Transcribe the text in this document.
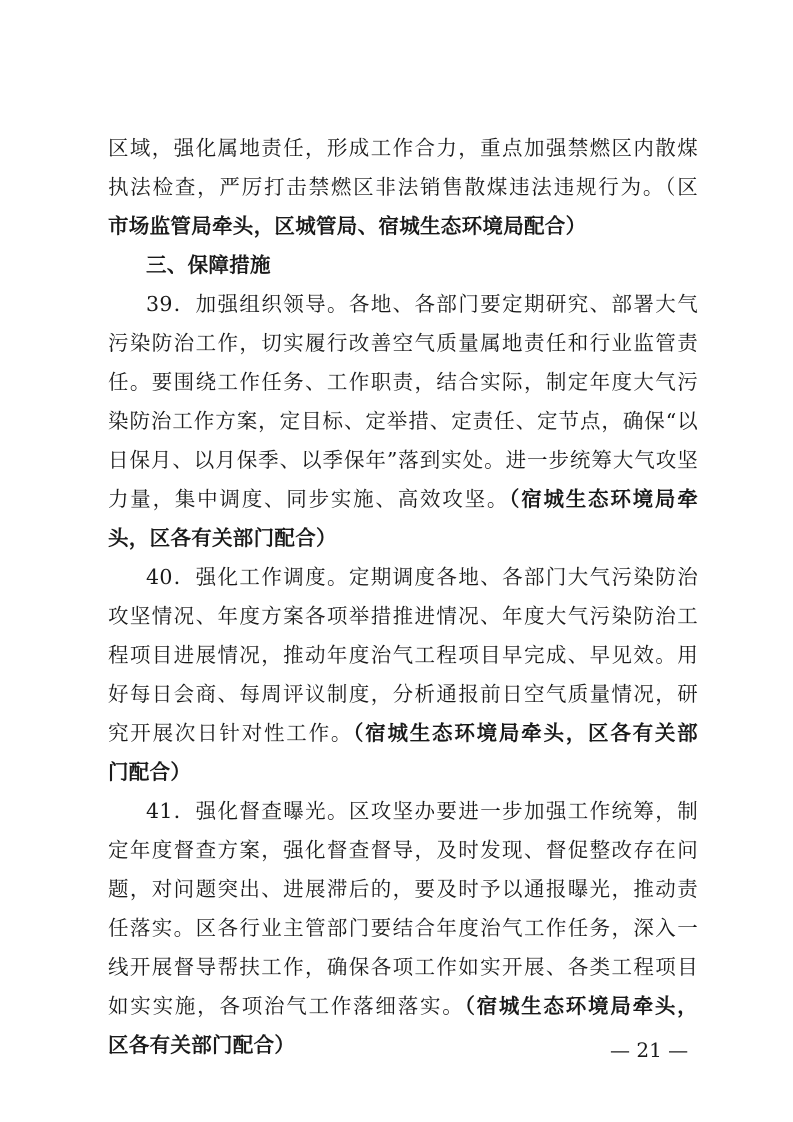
区域，强化属地责任，形成工作合力，重点加强禁燃区内散煤
执法检查，严厉打击禁燃区非法销售散煤违法违规行为。（区
市场监管局牵头，区城管局、宿城生态环境局配合）
三、保障措施
39．加强组织领导。各地、各部门要定期研究、部署大气
污染防治工作，切实履行改善空气质量属地责任和行业监管责
任。要围绕工作任务、工作职责，结合实际，制定年度大气污
染防治工作方案，定目标、定举措、定责任、定节点，确保“以
日保月、以月保季、以季保年”落到实处。进一步统筹大气攻坚
力量，集中调度、同步实施、高效攻坚。（宿城生态环境局牵
头，区各有关部门配合）
40．强化工作调度。定期调度各地、各部门大气污染防治
攻坚情况、年度方案各项举措推进情况、年度大气污染防治工
程项目进展情况，推动年度治气工程项目早完成、早见效。用
好每日会商、每周评议制度，分析通报前日空气质量情况，研
究开展次日针对性工作。（宿城生态环境局牵头，区各有关部
门配合）
41．强化督查曝光。区攻坚办要进一步加强工作统筹，制
定年度督查方案，强化督查督导，及时发现、督促整改存在问
题，对问题突出、进展滞后的，要及时予以通报曝光，推动责
任落实。区各行业主管部门要结合年度治气工作任务，深入一
线开展督导帮扶工作，确保各项工作如实开展、各类工程项目
如实实施，各项治气工作落细落实。（宿城生态环境局牵头，
区各有关部门配合）	— 21 —
